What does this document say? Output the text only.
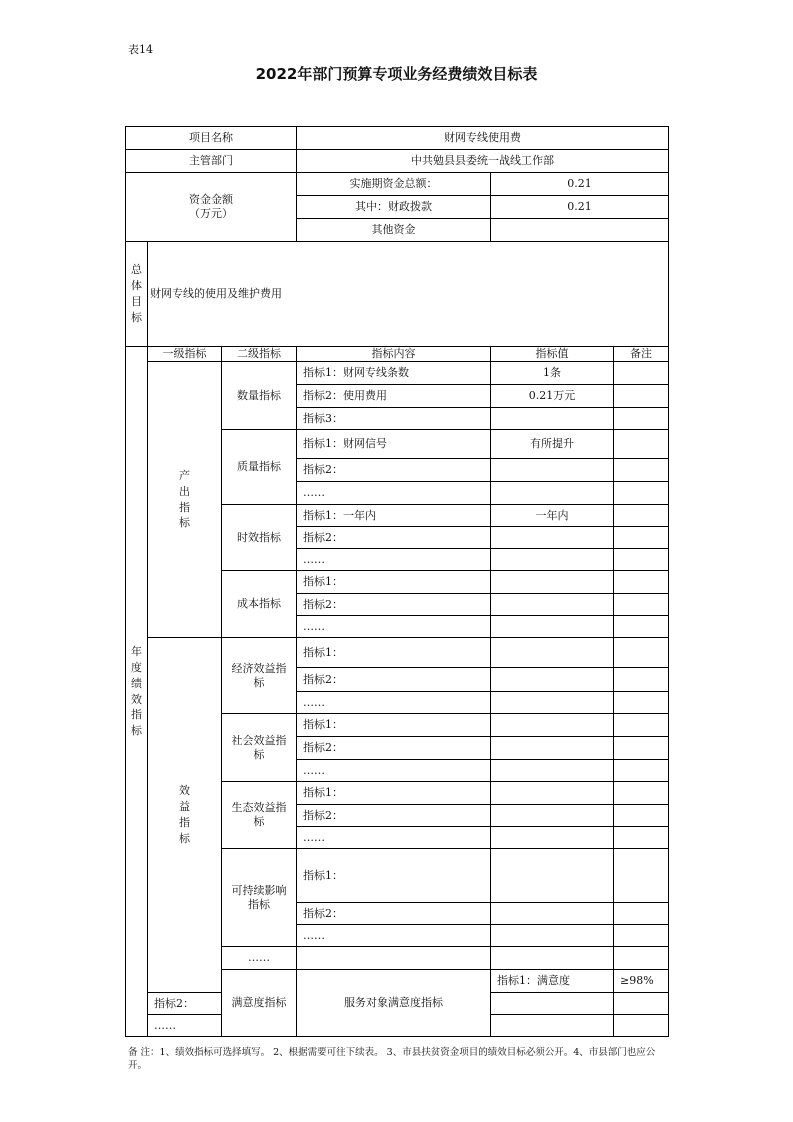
表14
2022年部门预算专项业务经费绩效目标表
项目名称			财网专线使用费			
主管部门			中共勉县县委统一战线工作部			

资金金额
（万元）			实施期资金总额：	0.21		
			其中：财政拨款	0.21		
			其他资金			
总体目标	财网专线的使用及维护费用					
年度绩效指标	一级指标	二级指标	指标内容	指标值	备注	
	产出指标	数量指标	指标1：财网专线条数	1条		
			指标2：使用费用	0.21万元		
			指标3：			
		质量指标	指标1：财网信号	有所提升		
			指标2：			
			……			
		时效指标	指标1：一年内	一年内		
			指标2：			
			……			
		成本指标	指标1：			
			指标2：			
			……			
	效益指标	经济效益指标	指标1：			
			指标2：			
			……			
		社会效益指标	指标1：			
			指标2：			
			……			
		生态效益指标	指标1：			
			指标2：			
			……			
		可持续影响指标	指标1：			
			指标2：			
			……			
		……				
		满意度指标	服务对象满意度指标	指标1：满意度	≥98%	
	指标2：					
	……					
备 注：1、绩效指标可选择填写。 2、根据需要可往下续表。 3、市县扶贫资金项目的绩效目标必须公开。4、市县部门也应公开。
